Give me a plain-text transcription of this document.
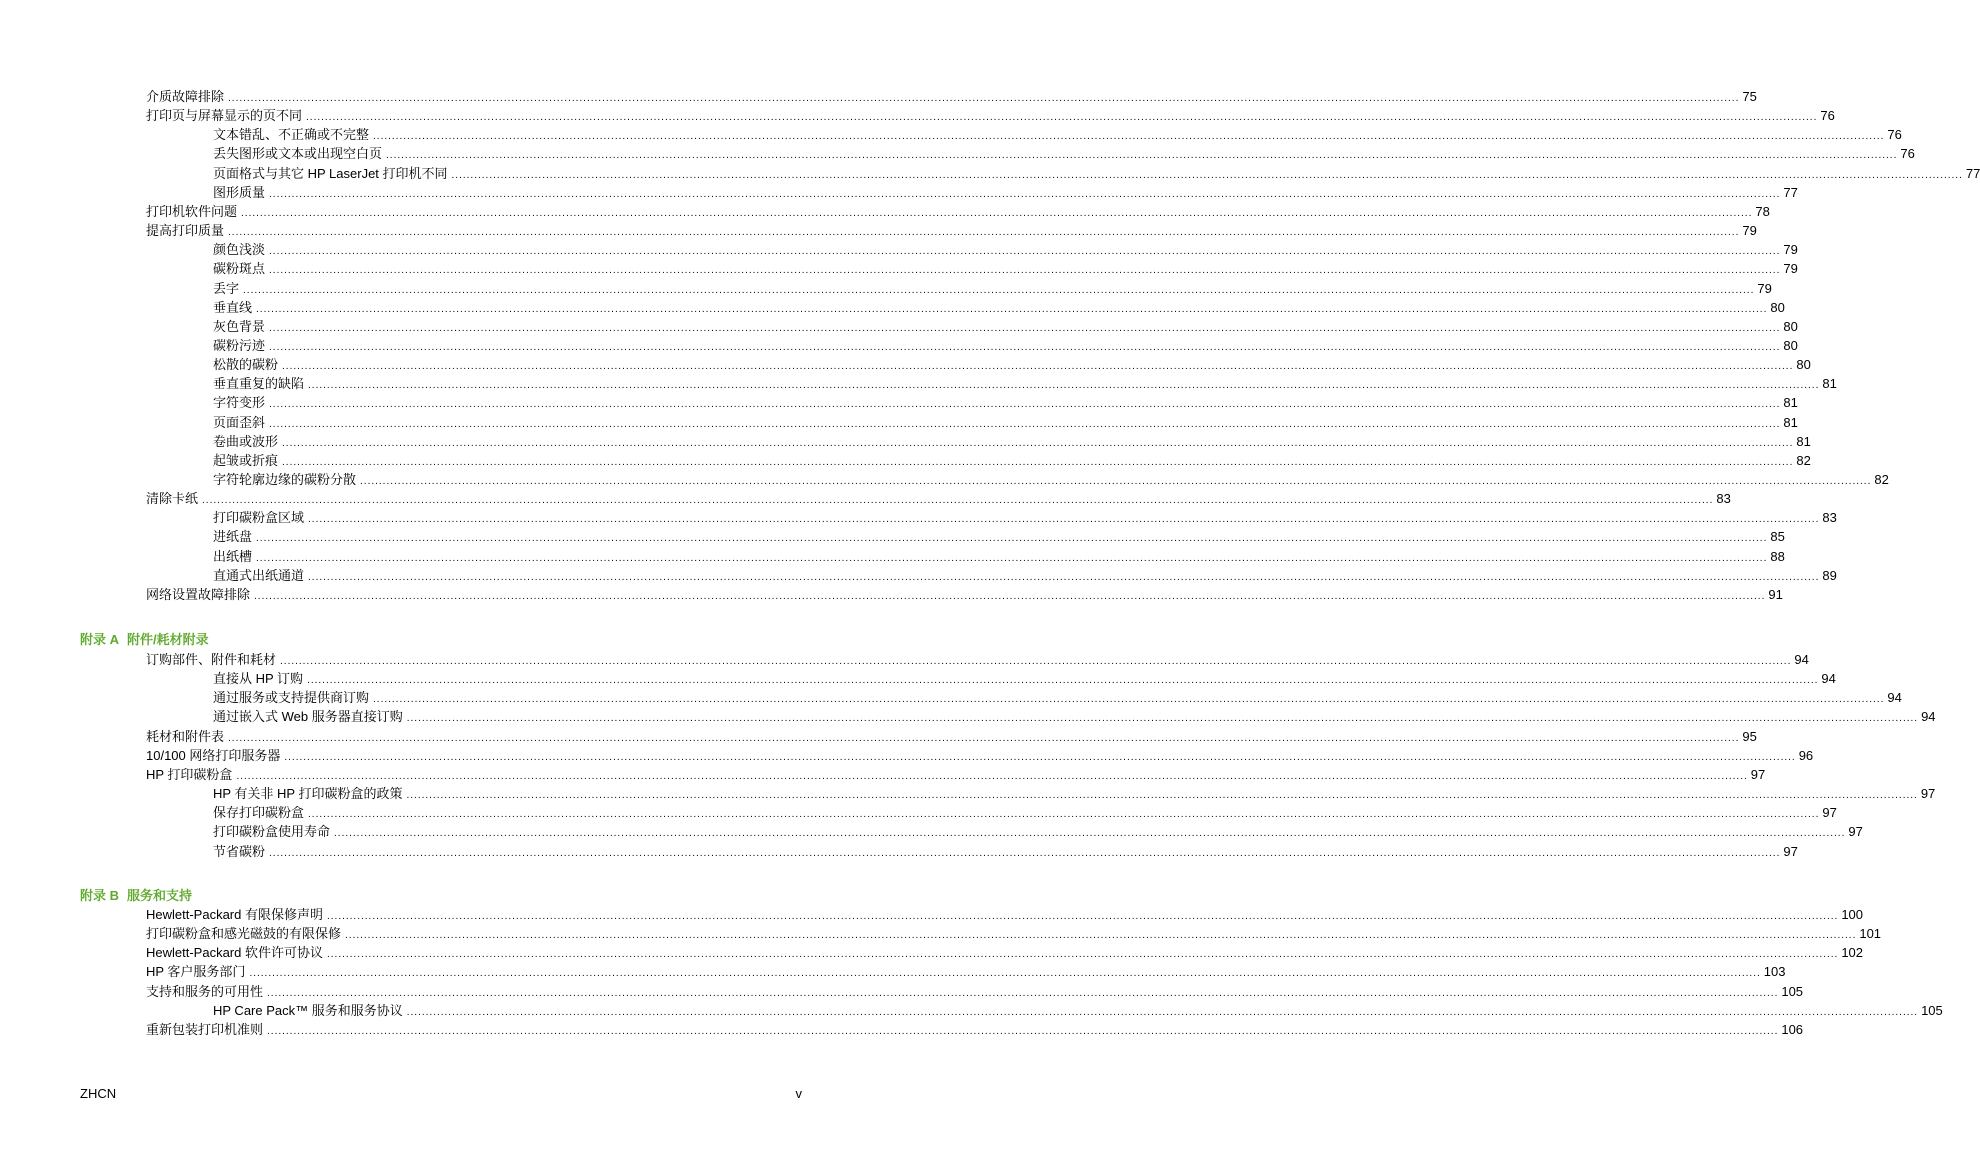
介质故障排除 ................................................................................................................................................................................................................................................................................................................................................................................................................ 75
打印页与屏幕显示的页不同 ................................................................................................................................................................................................................................................................................................................................................................................................................ 76
文本错乱、不正确或不完整 ................................................................................................................................................................................................................................................................................................................................................................................................................ 76
丢失图形或文本或出现空白页 ................................................................................................................................................................................................................................................................................................................................................................................................................ 76
页面格式与其它 HP LaserJet 打印机不同 ................................................................................................................................................................................................................................................................................................................................................................................................................ 77
图形质量 ................................................................................................................................................................................................................................................................................................................................................................................................................ 77
打印机软件问题 ................................................................................................................................................................................................................................................................................................................................................................................................................ 78
提高打印质量 ................................................................................................................................................................................................................................................................................................................................................................................................................ 79
颜色浅淡 ................................................................................................................................................................................................................................................................................................................................................................................................................ 79
碳粉斑点 ................................................................................................................................................................................................................................................................................................................................................................................................................ 79
丢字 ................................................................................................................................................................................................................................................................................................................................................................................................................ 79
垂直线 ................................................................................................................................................................................................................................................................................................................................................................................................................ 80
灰色背景 ................................................................................................................................................................................................................................................................................................................................................................................................................ 80
碳粉污迹 ................................................................................................................................................................................................................................................................................................................................................................................................................ 80
松散的碳粉 ................................................................................................................................................................................................................................................................................................................................................................................................................ 80
垂直重复的缺陷 ................................................................................................................................................................................................................................................................................................................................................................................................................ 81
字符变形 ................................................................................................................................................................................................................................................................................................................................................................................................................ 81
页面歪斜 ................................................................................................................................................................................................................................................................................................................................................................................................................ 81
卷曲或波形 ................................................................................................................................................................................................................................................................................................................................................................................................................ 81
起皱或折痕 ................................................................................................................................................................................................................................................................................................................................................................................................................ 82
字符轮廓边缘的碳粉分散 ................................................................................................................................................................................................................................................................................................................................................................................................................ 82
清除卡纸 ................................................................................................................................................................................................................................................................................................................................................................................................................ 83
打印碳粉盒区域 ................................................................................................................................................................................................................................................................................................................................................................................................................ 83
进纸盘 ................................................................................................................................................................................................................................................................................................................................................................................................................ 85
出纸槽 ................................................................................................................................................................................................................................................................................................................................................................................................................ 88
直通式出纸通道 ................................................................................................................................................................................................................................................................................................................................................................................................................ 89
网络设置故障排除 ................................................................................................................................................................................................................................................................................................................................................................................................................ 91
附录 A 附件/耗材附录
订购部件、附件和耗材 ................................................................................................................................................................................................................................................................................................................................................................................................................ 94
直接从 HP 订购 ................................................................................................................................................................................................................................................................................................................................................................................................................ 94
通过服务或支持提供商订购 ................................................................................................................................................................................................................................................................................................................................................................................................................ 94
通过嵌入式 Web 服务器直接订购 ................................................................................................................................................................................................................................................................................................................................................................................................................ 94
耗材和附件表 ................................................................................................................................................................................................................................................................................................................................................................................................................ 95
10/100 网络打印服务器 ................................................................................................................................................................................................................................................................................................................................................................................................................ 96
HP 打印碳粉盒 ................................................................................................................................................................................................................................................................................................................................................................................................................ 97
HP 有关非 HP 打印碳粉盒的政策 ................................................................................................................................................................................................................................................................................................................................................................................................................ 97
保存打印碳粉盒 ................................................................................................................................................................................................................................................................................................................................................................................................................ 97
打印碳粉盒使用寿命 ................................................................................................................................................................................................................................................................................................................................................................................................................ 97
节省碳粉 ................................................................................................................................................................................................................................................................................................................................................................................................................ 97
附录 B 服务和支持
Hewlett-Packard 有限保修声明 ................................................................................................................................................................................................................................................................................................................................................................................................................ 100
打印碳粉盒和感光磁鼓的有限保修 ................................................................................................................................................................................................................................................................................................................................................................................................................ 101
Hewlett-Packard 软件许可协议 ................................................................................................................................................................................................................................................................................................................................................................................................................ 102
HP 客户服务部门 ................................................................................................................................................................................................................................................................................................................................................................................................................ 103
支持和服务的可用性 ................................................................................................................................................................................................................................................................................................................................................................................................................ 105
HP Care Pack™ 服务和服务协议 ................................................................................................................................................................................................................................................................................................................................................................................................................ 105
重新包装打印机准则 ................................................................................................................................................................................................................................................................................................................................................................................................................ 106
ZHCN	v
